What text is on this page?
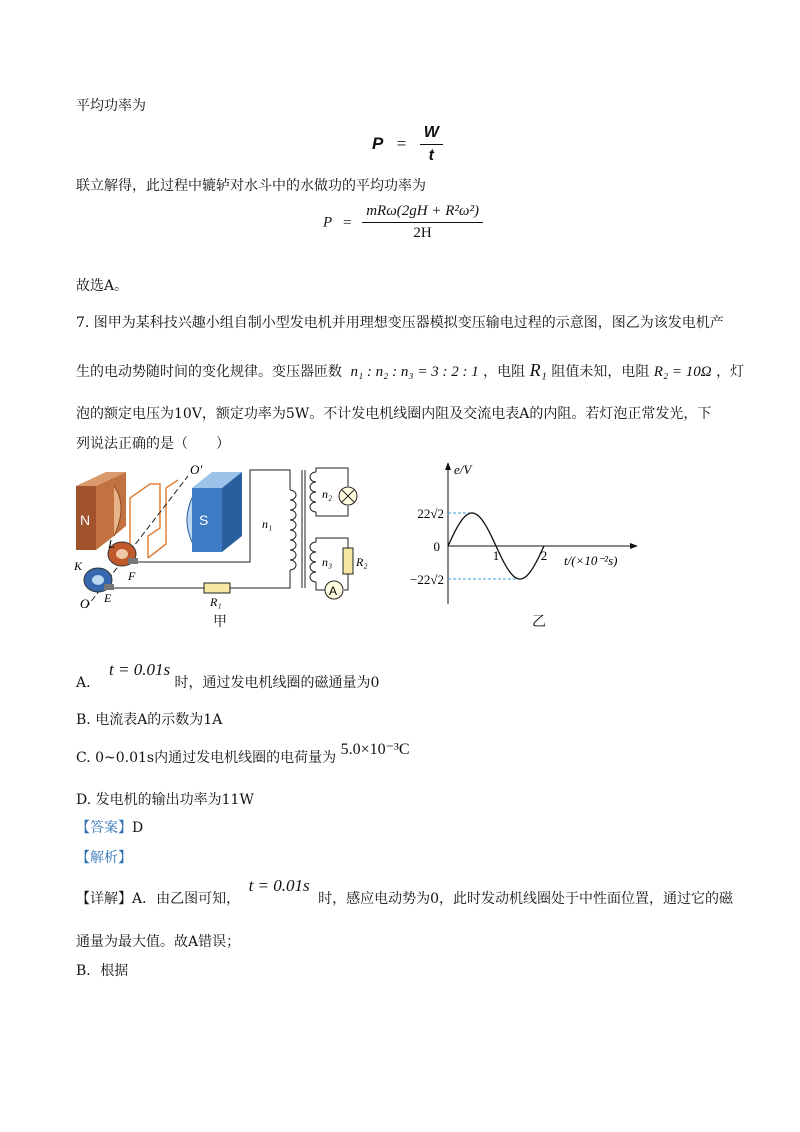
平均功率为
$P = \frac{W}{t}$
联立解得，此过程中辘轳对水斗中的水做功的平均功率为
$P = \frac{\text{mRω(2gH + R²ω²)}}{2H}$
故选A。
7. 图甲为某科技兴趣小组自制小型发电机并用理想变压器模拟变压输电过程的示意图，图乙为该发电机产
生的电动势随时间的变化规律。变压器匝数 n₁ : n₂ : n₃ = 3 : 2 : 1 ，电阻 R₁ 阻值未知，电阻 R₂ = 10Ω ，灯
泡的额定电压为10V，额定功率为5W。不计发电机线圈内阻及交流电表A的内阻。若灯泡正常发光，下
列说法正确的是（　　）
N	S
O′
O
L
K
F
E	R₁
n₁
n₂
A
n₃ R₂
甲
e/V
t/(×10⁻²s)
0
1	2
22√2
−22√2
乙
A. t = 0.01s 时，通过发电机线圈的磁通量为0
B. 电流表A的示数为1A
C. 0~0.01s内通过发电机线圈的电荷量为 5.0×10⁻³C
D. 发电机的输出功率为11W
【答案】D
【解析】
【详解】A．由乙图可知， t = 0.01s 时，感应电动势为0，此时发动机线圈处于中性面位置，通过它的磁
通量为最大值。故A错误；
B．根据
